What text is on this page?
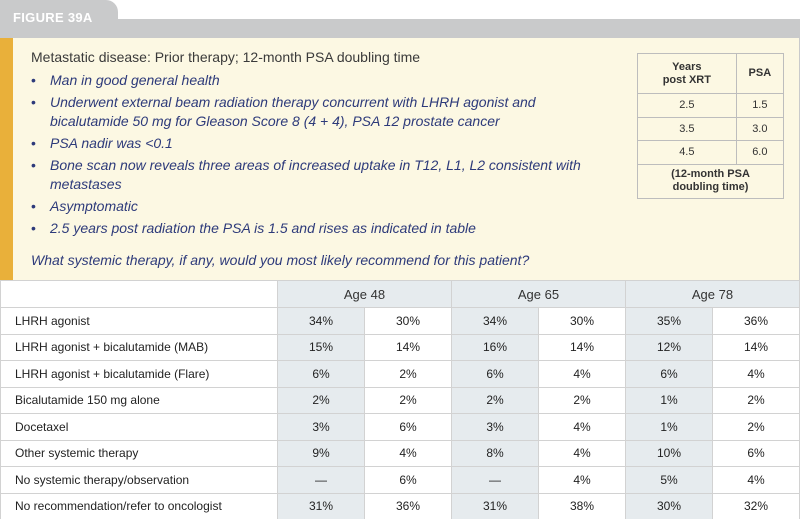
FIGURE 39A
Metastatic disease: Prior therapy; 12-month PSA doubling time
• Man in good general health
• Underwent external beam radiation therapy concurrent with LHRH agonist and bicalutamide 50 mg for Gleason Score 8 (4 + 4), PSA 12 prostate cancer
• PSA nadir was <0.1
• Bone scan now reveals three areas of increased uptake in T12, L1, L2 consistent with metastases
• Asymptomatic
• 2.5 years post radiation the PSA is 1.5 and rises as indicated in table
What systemic therapy, if any, would you most likely recommend for this patient?
Years
post XRT	PSA
2.5	1.5
3.5	3.0
4.5	6.0
(12-month PSA
doubling time)	
	Age 48		Age 65		Age 78	
LHRH agonist	34%	30%	34%	30%	35%	36%
LHRH agonist + bicalutamide (MAB)	15%	14%	16%	14%	12%	14%
LHRH agonist + bicalutamide (Flare)	6%	2%	6%	4%	6%	4%
Bicalutamide 150 mg alone	2%	2%	2%	2%	1%	2%
Docetaxel	3%	6%	3%	4%	1%	2%
Other systemic therapy	9%	4%	8%	4%	10%	6%
No systemic therapy/observation	—	6%	—	4%	5%	4%
No recommendation/refer to oncologist	31%	36%	31%	38%	30%	32%
